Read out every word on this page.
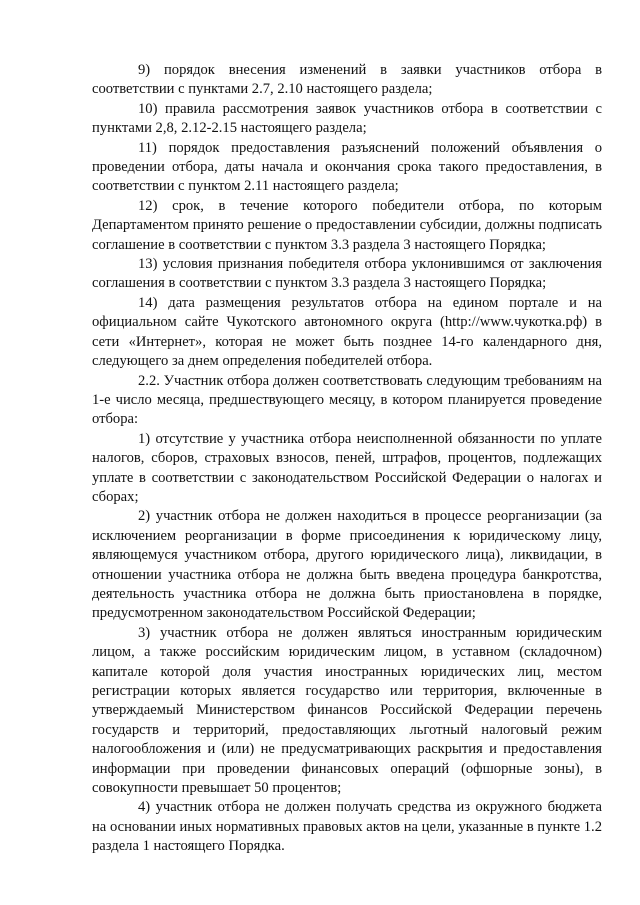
9) порядок внесения изменений в заявки участников отбора в соответствии с пунктами 2.7, 2.10 настоящего раздела;

10) правила рассмотрения заявок участников отбора в соответствии с пунктами 2,8, 2.12-2.15 настоящего раздела;

11) порядок предоставления разъяснений положений объявления о проведении отбора, даты начала и окончания срока такого предоставления, в соответствии с пунктом 2.11 настоящего раздела;

12) срок, в течение которого победители отбора, по которым Департаментом принято решение о предоставлении субсидии, должны подписать соглашение в соответствии с пунктом 3.3 раздела 3 настоящего Порядка;

13) условия признания победителя отбора уклонившимся от заключения соглашения в соответствии с пунктом 3.3 раздела 3 настоящего Порядка;

14) дата размещения результатов отбора на едином портале и на официальном сайте Чукотского автономного округа (http://www.чукотка.рф) в сети «Интернет», которая не может быть позднее 14-го календарного дня, следующего за днем определения победителей отбора.

2.2. Участник отбора должен соответствовать следующим требованиям на 1-е число месяца, предшествующего месяцу, в котором планируется проведение отбора:

1) отсутствие у участника отбора неисполненной обязанности по уплате налогов, сборов, страховых взносов, пеней, штрафов, процентов, подлежащих уплате в соответствии с законодательством Российской Федерации о налогах и сборах;

2) участник отбора не должен находиться в процессе реорганизации (за исключением реорганизации в форме присоединения к юридическому лицу, являющемуся участником отбора, другого юридического лица), ликвидации, в отношении участника отбора не должна быть введена процедура банкротства, деятельность участника отбора не должна быть приостановлена в порядке, предусмотренном законодательством Российской Федерации;

3) участник отбора не должен являться иностранным юридическим лицом, а также российским юридическим лицом, в уставном (складочном) капитале которой доля участия иностранных юридических лиц, местом регистрации которых является государство или территория, включенные в утверждаемый Министерством финансов Российской Федерации перечень государств и территорий, предоставляющих льготный налоговый режим налогообложения и (или) не предусматривающих раскрытия и предоставления информации при проведении финансовых операций (офшорные зоны), в совокупности превышает 50 процентов;

4) участник отбора не должен получать средства из окружного бюджета на основании иных нормативных правовых актов на цели, указанные в пункте 1.2 раздела 1 настоящего Порядка.
